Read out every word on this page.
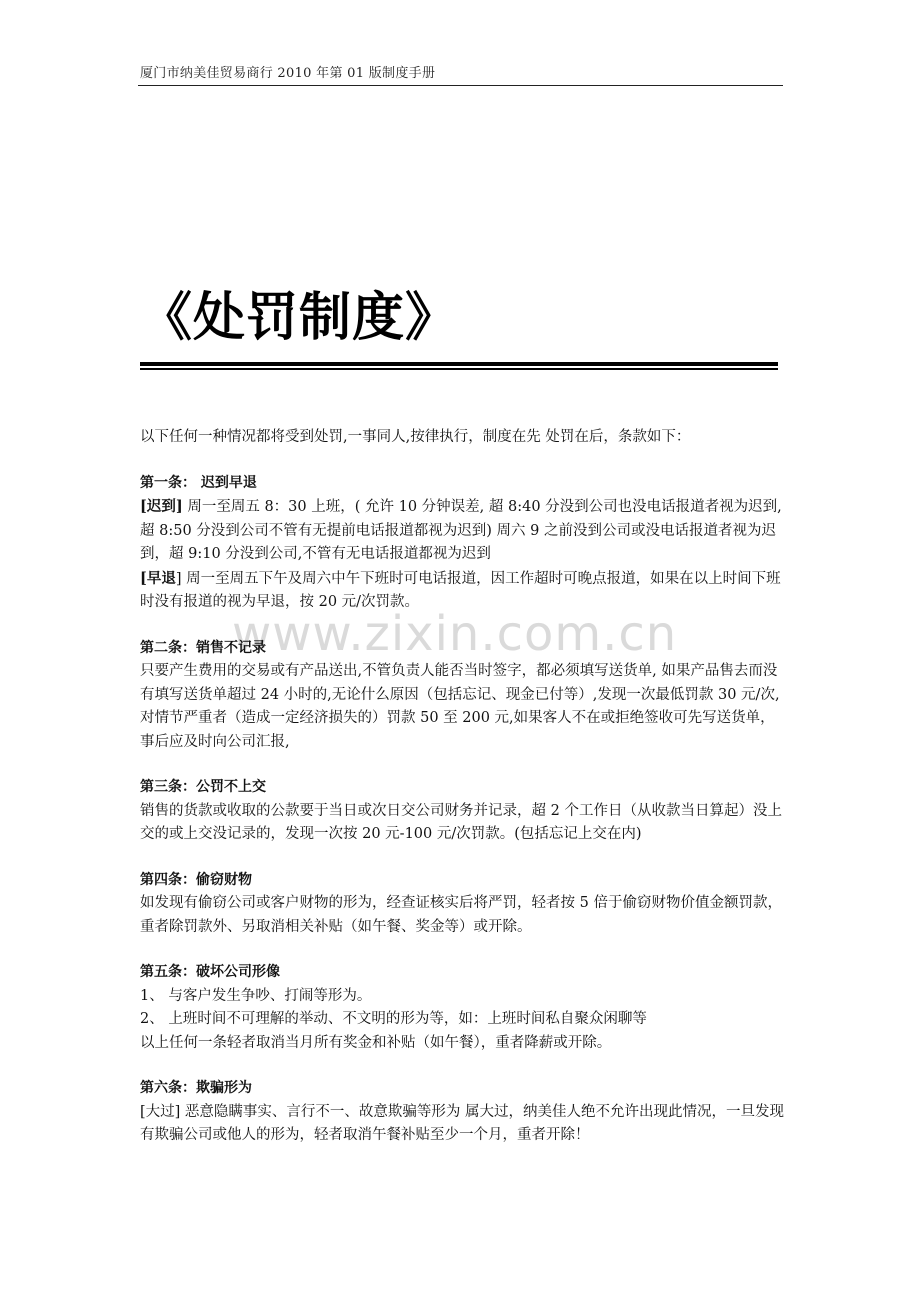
厦门市纳美佳贸易商行 2010 年第 01 版制度手册
《处罚制度》
www.zixin.com.cn

以下任何一种情况都将受到处罚,一事同人,按律执行，制度在先 处罚在后，条款如下：

第一条： 迟到早退

[迟到] 周一至周五 8：30 上班，( 允许 10 分钟误差, 超 8:40 分没到公司也没电话报道者视为迟到,超 8:50 分没到公司不管有无提前电话报道都视为迟到) 周六 9 之前没到公司或没电话报道者视为迟到，超 9:10 分没到公司,不管有无电话报道都视为迟到

[早退] 周一至周五下午及周六中午下班时可电话报道，因工作超时可晚点报道，如果在以上时间下班时没有报道的视为早退，按 20 元/次罚款。

第二条：销售不记录

只要产生费用的交易或有产品送出,不管负责人能否当时签字，都必须填写送货单, 如果产品售去而没有填写送货单超过 24 小时的,无论什么原因（包括忘记、现金已付等）,发现一次最低罚款 30 元/次,对情节严重者（造成一定经济损失的）罚款 50 至 200 元,如果客人不在或拒绝签收可先写送货单，事后应及时向公司汇报,

第三条：公罚不上交

销售的货款或收取的公款要于当日或次日交公司财务并记录，超 2 个工作日（从收款当日算起）没上交的或上交没记录的，发现一次按 20 元-100 元/次罚款。(包括忘记上交在内)

第四条：偷窃财物

如发现有偷窃公司或客户财物的形为，经查证核实后将严罚，轻者按 5 倍于偷窃财物价值金额罚款，重者除罚款外、另取消相关补贴（如午餐、奖金等）或开除。

第五条：破坏公司形像

1、 与客户发生争吵、打闹等形为。

2、 上班时间不可理解的举动、不文明的形为等，如：上班时间私自聚众闲聊等

以上任何一条轻者取消当月所有奖金和补贴（如午餐），重者降薪或开除。

第六条：欺骗形为

[大过] 恶意隐瞒事实、言行不一、故意欺骗等形为 属大过，纳美佳人绝不允许出现此情况，一旦发现有欺骗公司或他人的形为，轻者取消午餐补贴至少一个月，重者开除！
